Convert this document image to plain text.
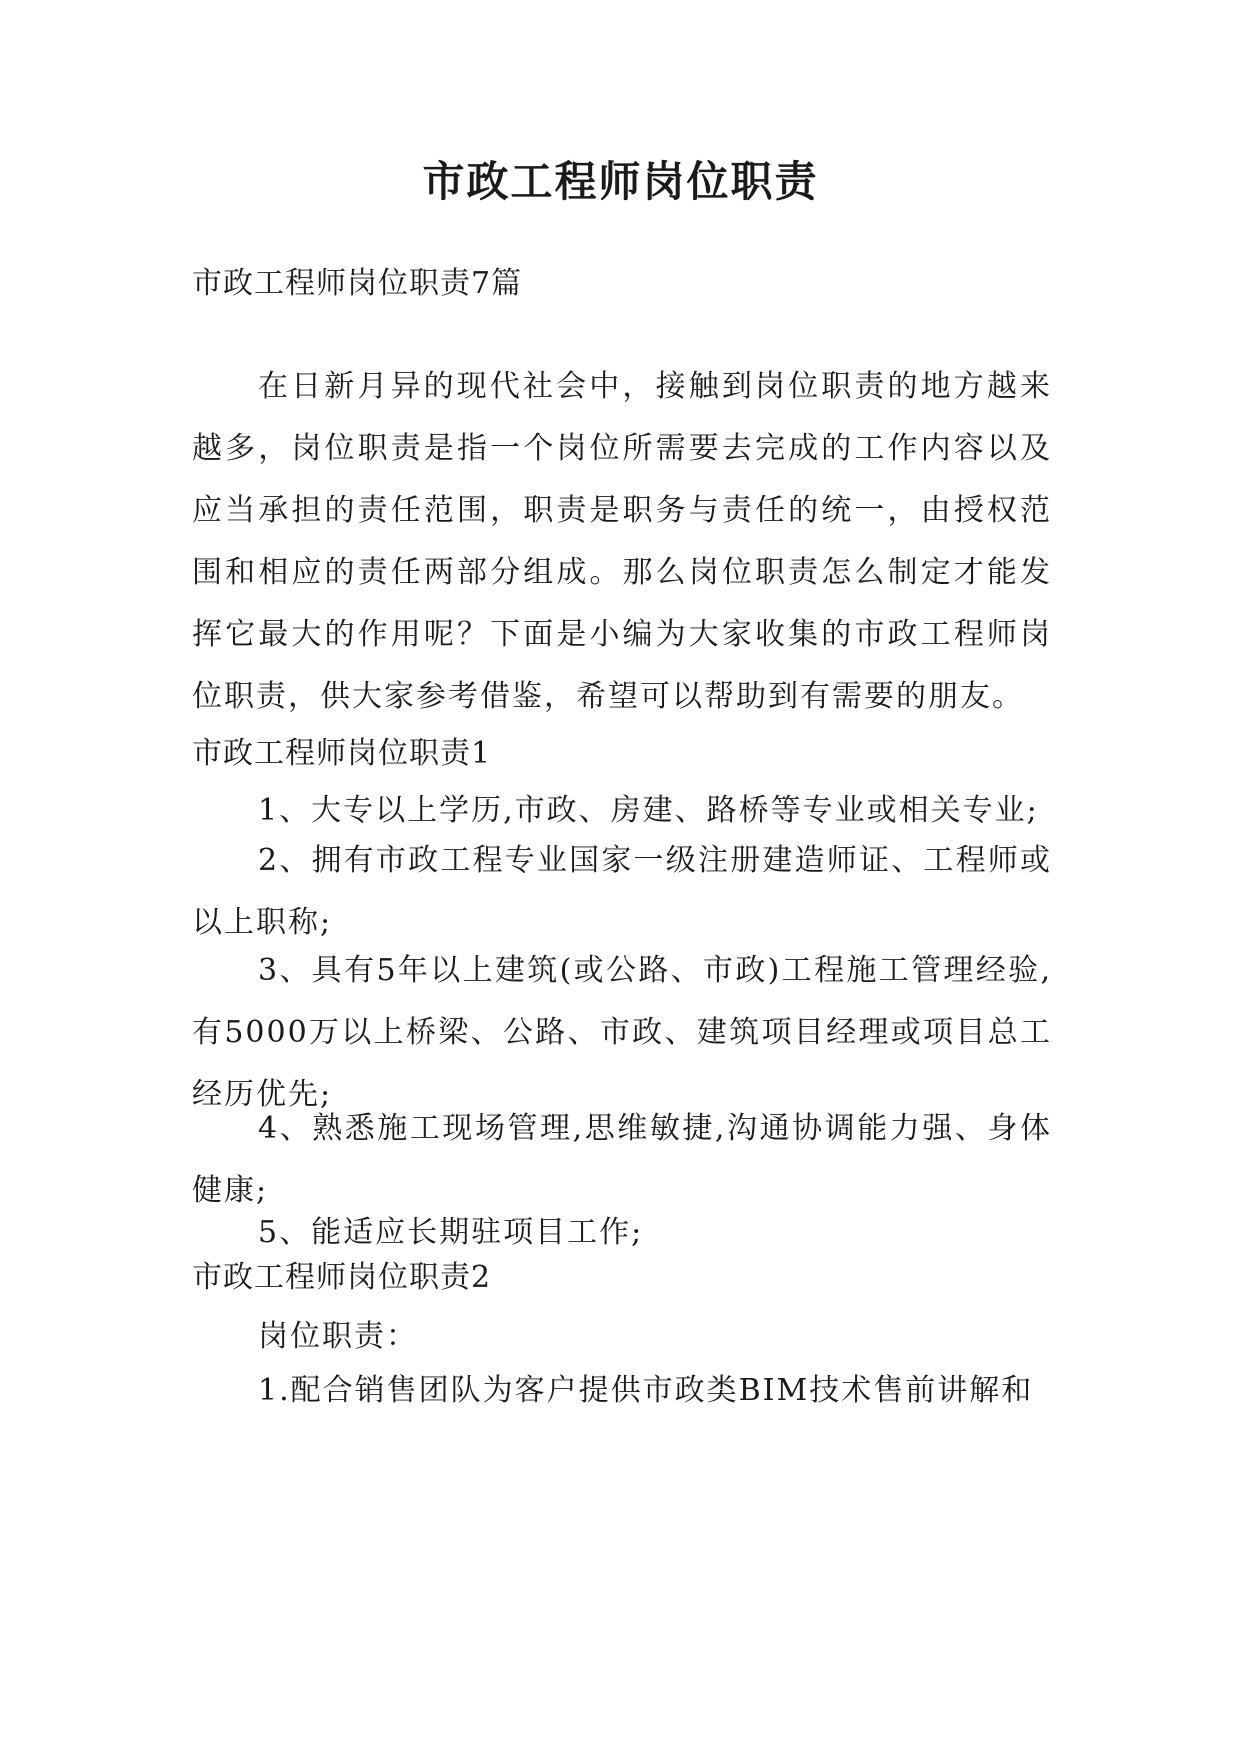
市政工程师岗位职责

市政工程师岗位职责7篇

在日新月异的现代社会中，接触到岗位职责的地方越来越多，岗位职责是指一个岗位所需要去完成的工作内容以及应当承担的责任范围，职责是职务与责任的统一，由授权范围和相应的责任两部分组成。那么岗位职责怎么制定才能发挥它最大的作用呢？下面是小编为大家收集的市政工程师岗位职责，供大家参考借鉴，希望可以帮助到有需要的朋友。

市政工程师岗位职责1

1、大专以上学历,市政、房建、路桥等专业或相关专业;

2、拥有市政工程专业国家一级注册建造师证、工程师或以上职称;

3、具有5年以上建筑(或公路、市政)工程施工管理经验,有5000万以上桥梁、公路、市政、建筑项目经理或项目总工经历优先;

4、熟悉施工现场管理,思维敏捷,沟通协调能力强、身体健康;

5、能适应长期驻项目工作;

市政工程师岗位职责2

岗位职责：

1.配合销售团队为客户提供市政类BIM技术售前讲解和
